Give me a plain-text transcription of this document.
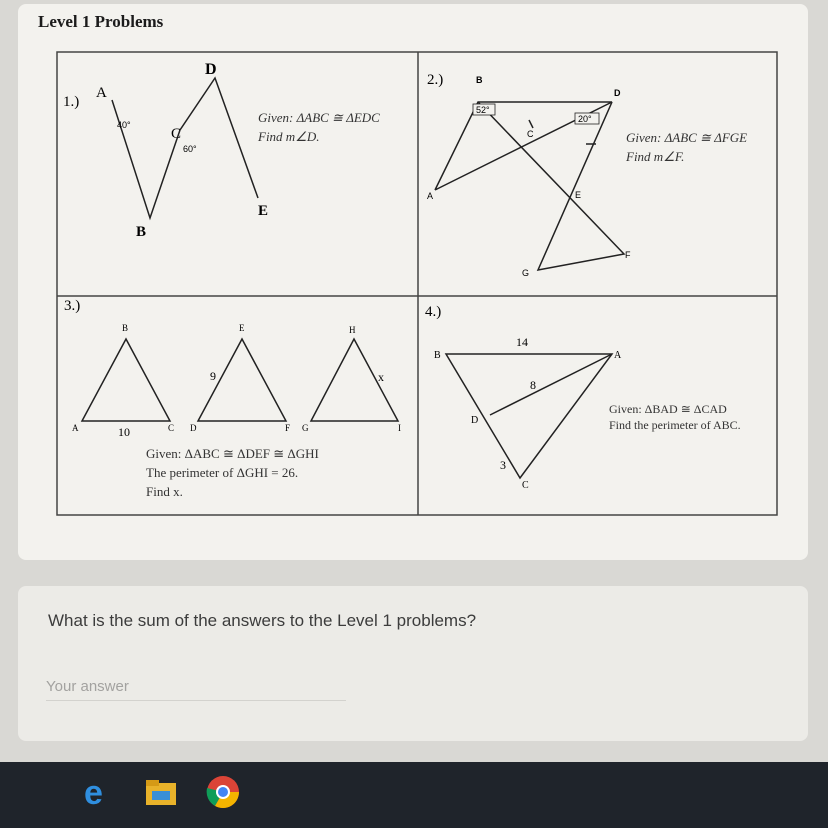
Level 1 Problems
1.)
A
B
C
D
E
40°
60°
Given: ΔABC ≅ ΔEDC
Find m∠D.
2.)
52°
20°
B
D
C
A	E
F
G
Given: ΔABC ≅ ΔFGE
Find m∠F.
3.)
B	E	H
A	C D	F G	I
10
9	x
Given: ΔABC ≅ ΔDEF ≅ ΔGHI
The perimeter of ΔGHI = 26.
Find x.
4.)
B	A
D
C
14
8
3
Given: ΔBAD ≅ ΔCAD
Find the perimeter of ABC.
What is the sum of the answers to the Level 1 problems?
Your answer
e
